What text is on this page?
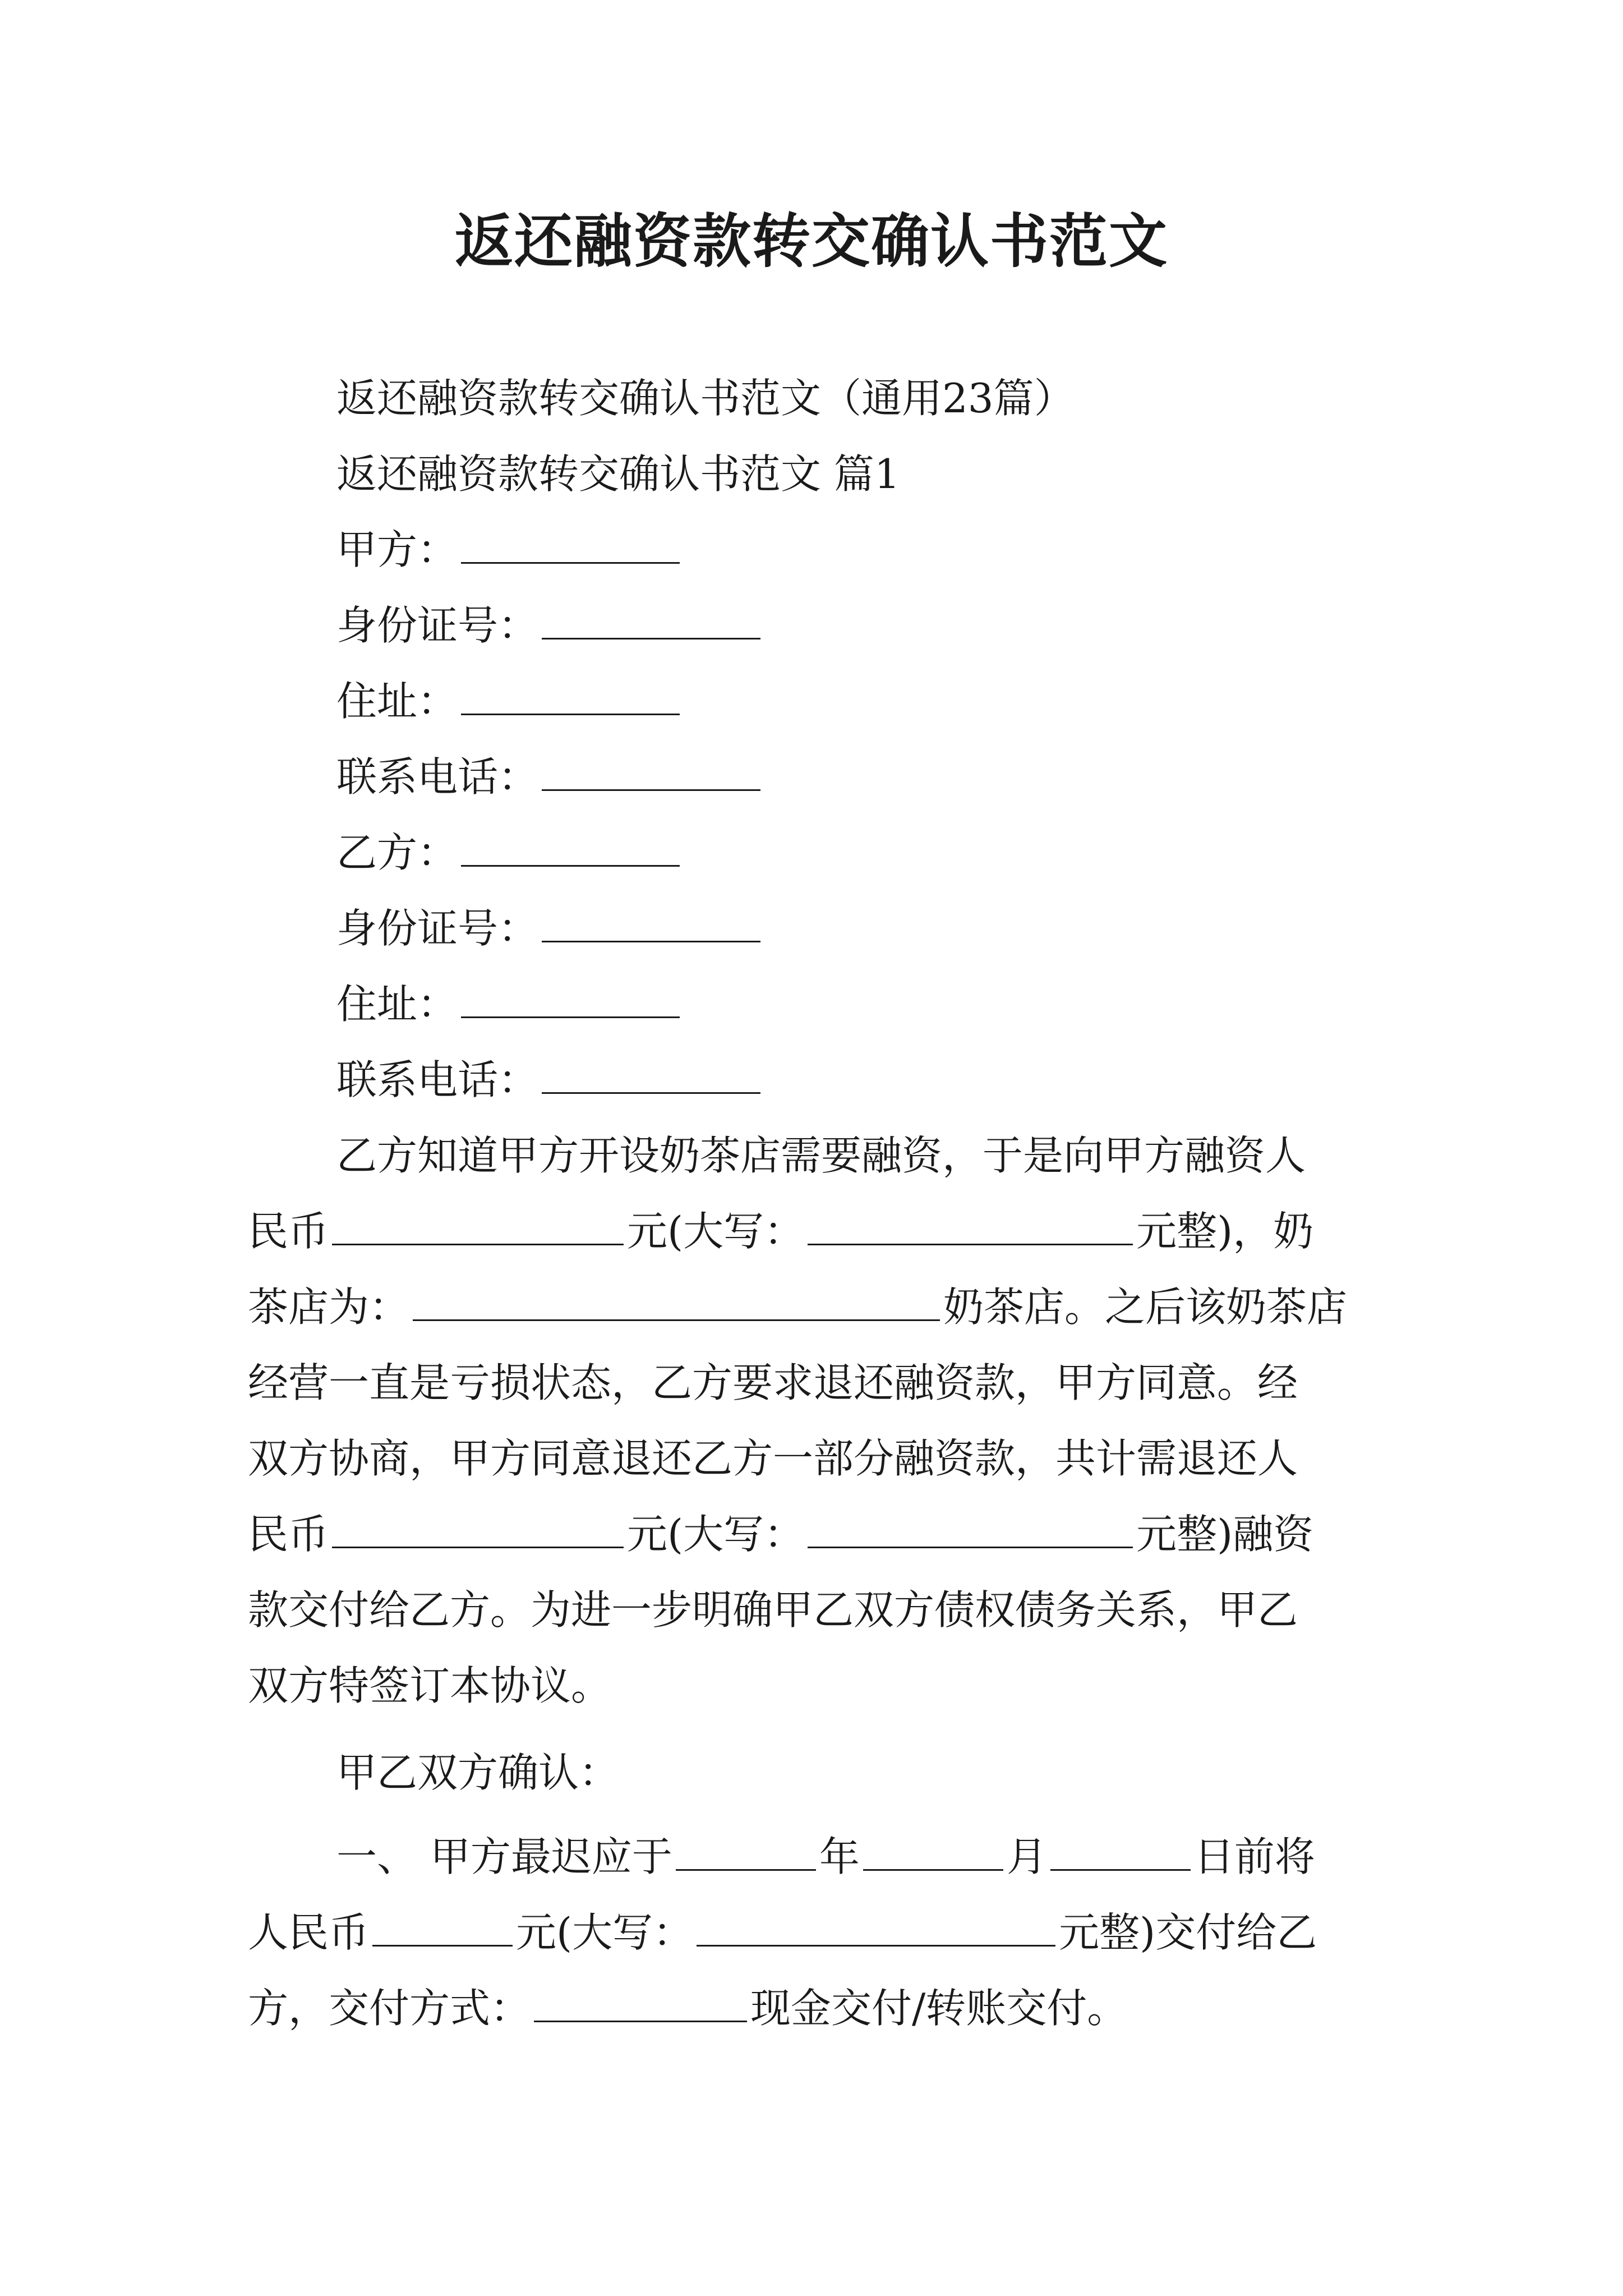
返还融资款转交确认书范文
返还融资款转交确认书范文（通用23篇）
返还融资款转交确认书范文 篇1
甲方：
身份证号：
住址：
联系电话：
乙方：
身份证号：
住址：
联系电话：
乙方知道甲方开设奶茶店需要融资，于是向甲方融资人
民币	元(大写：	元整)，奶
茶店为：	奶茶店。之后该奶茶店
经营一直是亏损状态，乙方要求退还融资款，甲方同意。经
双方协商，甲方同意退还乙方一部分融资款，共计需退还人
民币	元(大写：	元整)融资
款交付给乙方。为进一步明确甲乙双方债权债务关系，甲乙
双方特签订本协议。
甲乙双方确认：
一、 甲方最迟应于	年	月	日前将
人民币	元(大写：	元整)交付给乙
方，交付方式：	现金交付/转账交付。
